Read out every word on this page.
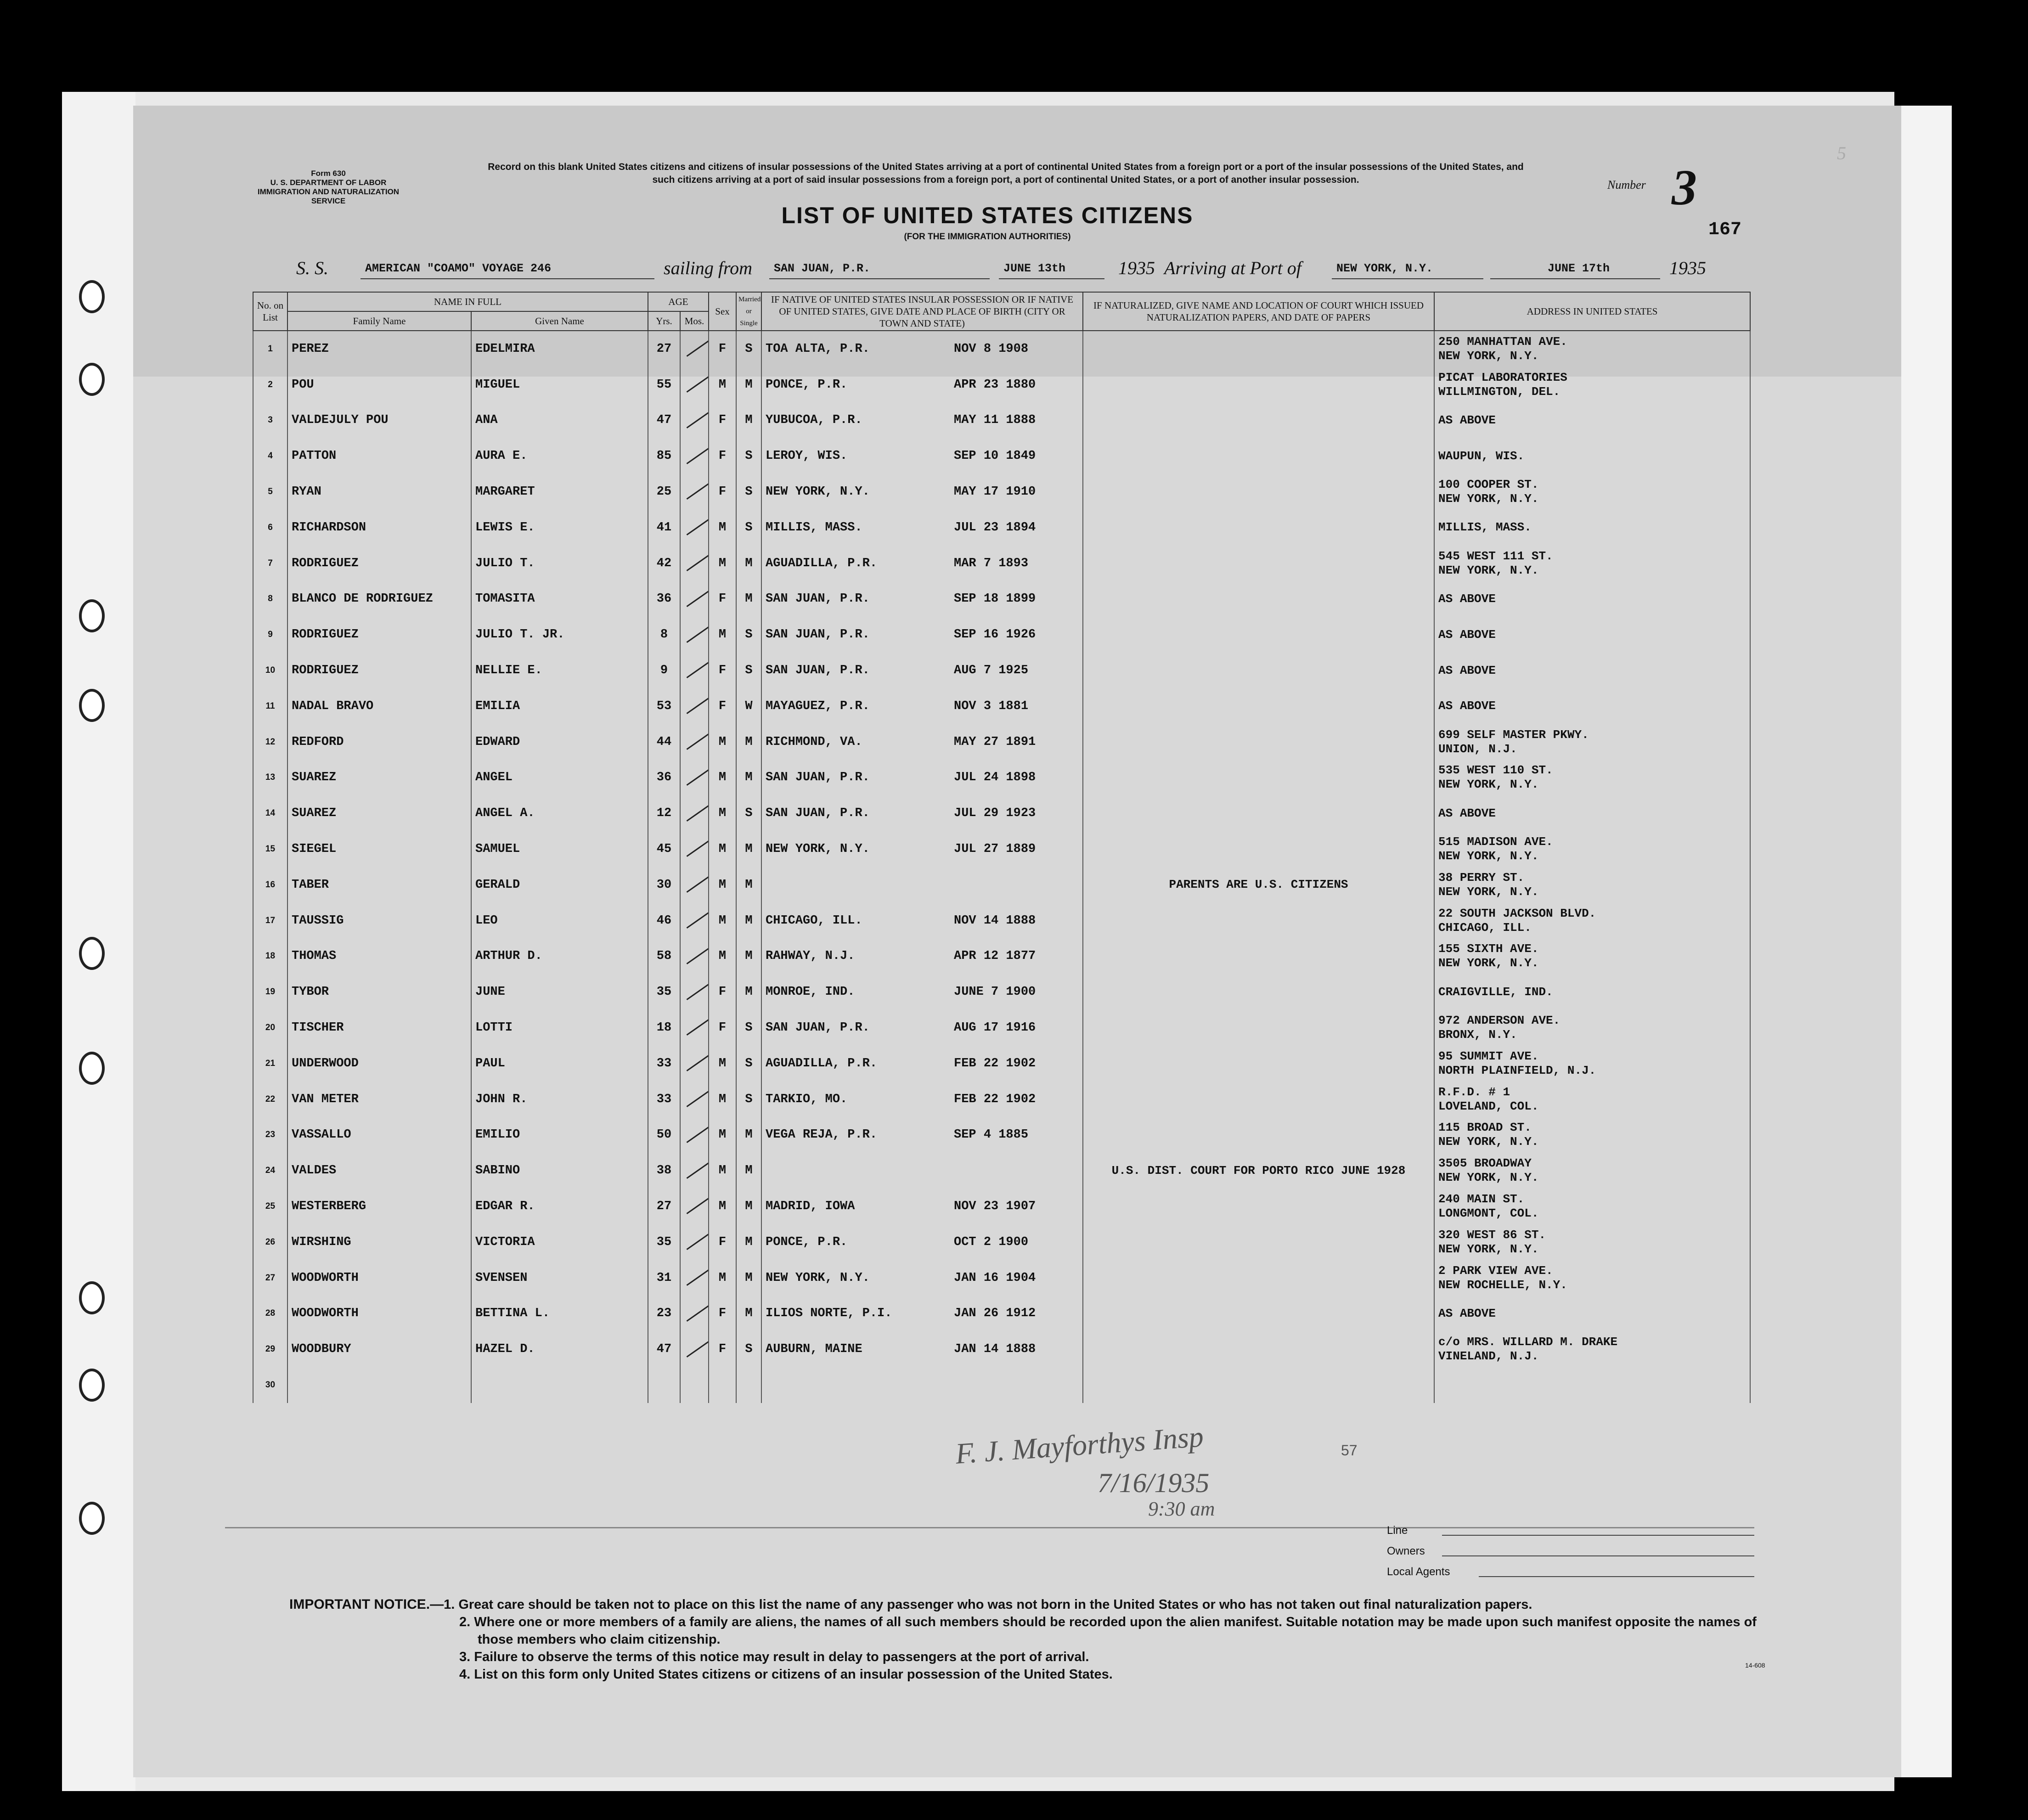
5
Form 630
U. S. DEPARTMENT OF LABOR
IMMIGRATION AND NATURALIZATION SERVICE
Record on this blank United States citizens and citizens of insular possessions of the United States arriving at a port of continental United States from a foreign port or a port of the insular possessions of the United States, and such citizens arriving at a port of said insular possessions from a foreign port, a port of continental United States, or a port of another insular possession.
LIST OF UNITED STATES CITIZENS
(FOR THE IMMIGRATION AUTHORITIES)
Number 3
167
S. S.	AMERICAN "COAMO" VOYAGE 246	sailing from SAN JUAN, P.R.	JUNE 13th	1935 Arriving at Port of	NEW YORK, N.Y.	JUNE 17th	1935
No. on List	NAME IN FULL		AGE		Sex	Married or Single	IF NATIVE OF UNITED STATES INSULAR POSSESSION OR IF NATIVE OF UNITED STATES, GIVE DATE AND PLACE OF BIRTH (CITY OR TOWN AND STATE)	IF NATURALIZED, GIVE NAME AND LOCATION OF COURT WHICH ISSUED NATURALIZATION PAPERS, AND DATE OF PAPERS	ADDRESS IN UNITED STATES
	Family Name	Given Name	Yrs.	Mos.					
1	PEREZ	EDELMIRA	27		F	S	TOA ALTA, P.R. NOV 8 1908		250 MANHATTAN AVE.
NEW YORK, N.Y.

2	POU	MIGUEL	55		M	M	PONCE, P.R. APR 23 1880		PICAT LABORATORIES
WILLMINGTON, DEL.

3	VALDEJULY POU	ANA	47		F	M	YUBUCOA, P.R. MAY 11 1888		AS ABOVE

4	PATTON	AURA E.	85		F	S	LEROY, WIS. SEP 10 1849		WAUPUN, WIS.

5	RYAN	MARGARET	25		F	S	NEW YORK, N.Y. MAY 17 1910		100 COOPER ST.
NEW YORK, N.Y.

6	RICHARDSON	LEWIS E.	41		M	S	MILLIS, MASS. JUL 23 1894		MILLIS, MASS.

7	RODRIGUEZ	JULIO T.	42		M	M	AGUADILLA, P.R. MAR 7 1893		545 WEST 111 ST.
NEW YORK, N.Y.

8	BLANCO DE RODRIGUEZ	TOMASITA	36		F	M	SAN JUAN, P.R. SEP 18 1899		AS ABOVE

9	RODRIGUEZ	JULIO T. JR.	8		M	S	SAN JUAN, P.R. SEP 16 1926		AS ABOVE

10	RODRIGUEZ	NELLIE E.	9		F	S	SAN JUAN, P.R. AUG 7 1925		AS ABOVE

11	NADAL BRAVO	EMILIA	53		F	W	MAYAGUEZ, P.R. NOV 3 1881		AS ABOVE

12	REDFORD	EDWARD	44		M	M	RICHMOND, VA. MAY 27 1891		699 SELF MASTER PKWY.
UNION, N.J.

13	SUAREZ	ANGEL	36		M	M	SAN JUAN, P.R. JUL 24 1898		535 WEST 110 ST.
NEW YORK, N.Y.

14	SUAREZ	ANGEL A.	12		M	S	SAN JUAN, P.R. JUL 29 1923		AS ABOVE

15	SIEGEL	SAMUEL	45		M	M	NEW YORK, N.Y. JUL 27 1889		515 MADISON AVE.
NEW YORK, N.Y.

16	TABER	GERALD	30		M	M		PARENTS ARE U.S. CITIZENS	38 PERRY ST.
NEW YORK, N.Y.

17	TAUSSIG	LEO	46		M	M	CHICAGO, ILL. NOV 14 1888		22 SOUTH JACKSON BLVD.
CHICAGO, ILL.

18	THOMAS	ARTHUR D.	58		M	M	RAHWAY, N.J. APR 12 1877		155 SIXTH AVE.
NEW YORK, N.Y.

19	TYBOR	JUNE	35		F	M	MONROE, IND. JUNE 7 1900		CRAIGVILLE, IND.

20	TISCHER	LOTTI	18		F	S	SAN JUAN, P.R. AUG 17 1916		972 ANDERSON AVE.
BRONX, N.Y.

21	UNDERWOOD	PAUL	33		M	S	AGUADILLA, P.R. FEB 22 1902		95 SUMMIT AVE.
NORTH PLAINFIELD, N.J.

22	VAN METER	JOHN R.	33		M	S	TARKIO, MO. FEB 22 1902		R.F.D. # 1
LOVELAND, COL.

23	VASSALLO	EMILIO	50		M	M	VEGA REJA, P.R. SEP 4 1885		115 BROAD ST.
NEW YORK, N.Y.

24	VALDES	SABINO	38		M	M		U.S. DIST. COURT FOR PORTO RICO JUNE 1928	3505 BROADWAY
NEW YORK, N.Y.

25	WESTERBERG	EDGAR R.	27		M	M	MADRID, IOWA NOV 23 1907		240 MAIN ST.
LONGMONT, COL.

26	WIRSHING	VICTORIA	35		F	M	PONCE, P.R. OCT 2 1900		320 WEST 86 ST.
NEW YORK, N.Y.

27	WOODWORTH	SVENSEN	31		M	M	NEW YORK, N.Y. JAN 16 1904		2 PARK VIEW AVE.
NEW ROCHELLE, N.Y.

28	WOODWORTH	BETTINA L.	23		F	M	ILIOS NORTE, P.I. JAN 26 1912		AS ABOVE

29	WOODBURY	HAZEL D.	47		F	S	AUBURN, MAINE JAN 14 1888		c/o MRS. WILLARD M. DRAKE
VINELAND, N.J.

30									
F. J. Mayforthys Insp
7/16/1935
9:30 am
57
Line
Owners
Local Agents
IMPORTANT NOTICE.—1. Great care should be taken not to place on this list the name of any passenger who was not born in the United States or who has not taken out final naturalization papers.
2. Where one or more members of a family are aliens, the names of all such members should be recorded upon the alien manifest. Suitable notation may be made upon such manifest opposite the names of those members who claim citizenship.
3. Failure to observe the terms of this notice may result in delay to passengers at the port of arrival.
4. List on this form only United States citizens or citizens of an insular possession of the United States.
14-608
